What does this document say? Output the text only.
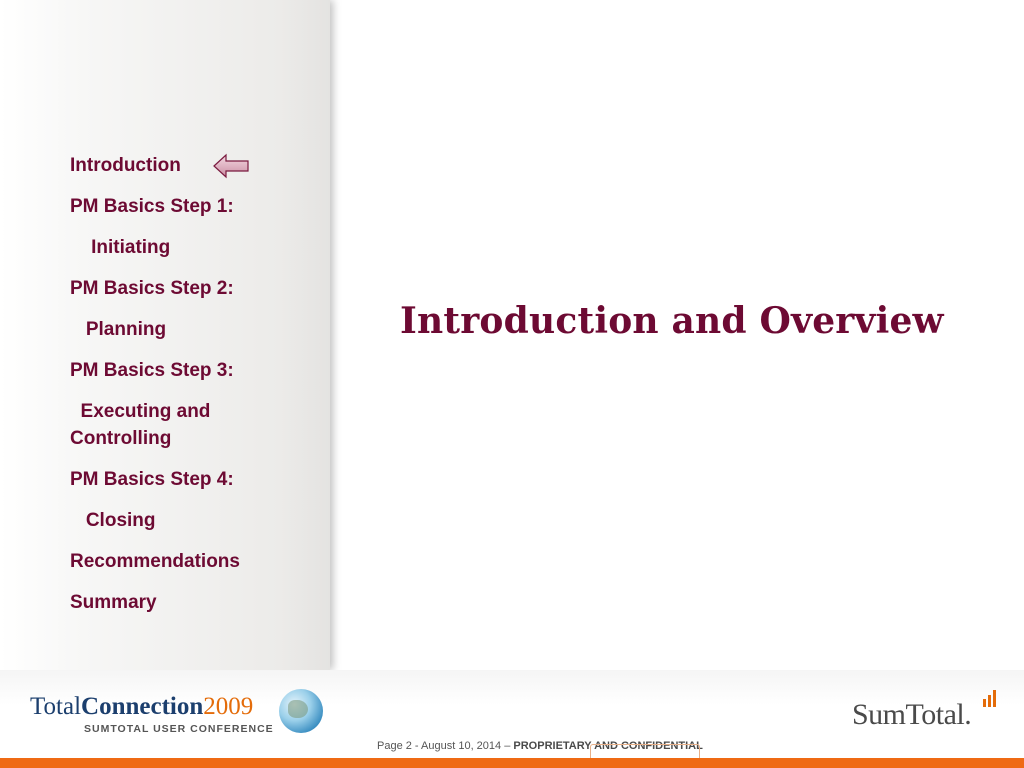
Introduction
PM Basics Step 1:
Initiating
PM Basics Step 2:
Planning
PM Basics Step 3:
Executing and
Controlling
PM Basics Step 4:
Closing
Recommendations
Summary
Introduction and Overview
TotalConnection2009
SUMTOTAL USER CONFERENCE	SumTotal.
Page 2 - August 10, 2014 – PROPRIETARY AND CONFIDENTIAL
